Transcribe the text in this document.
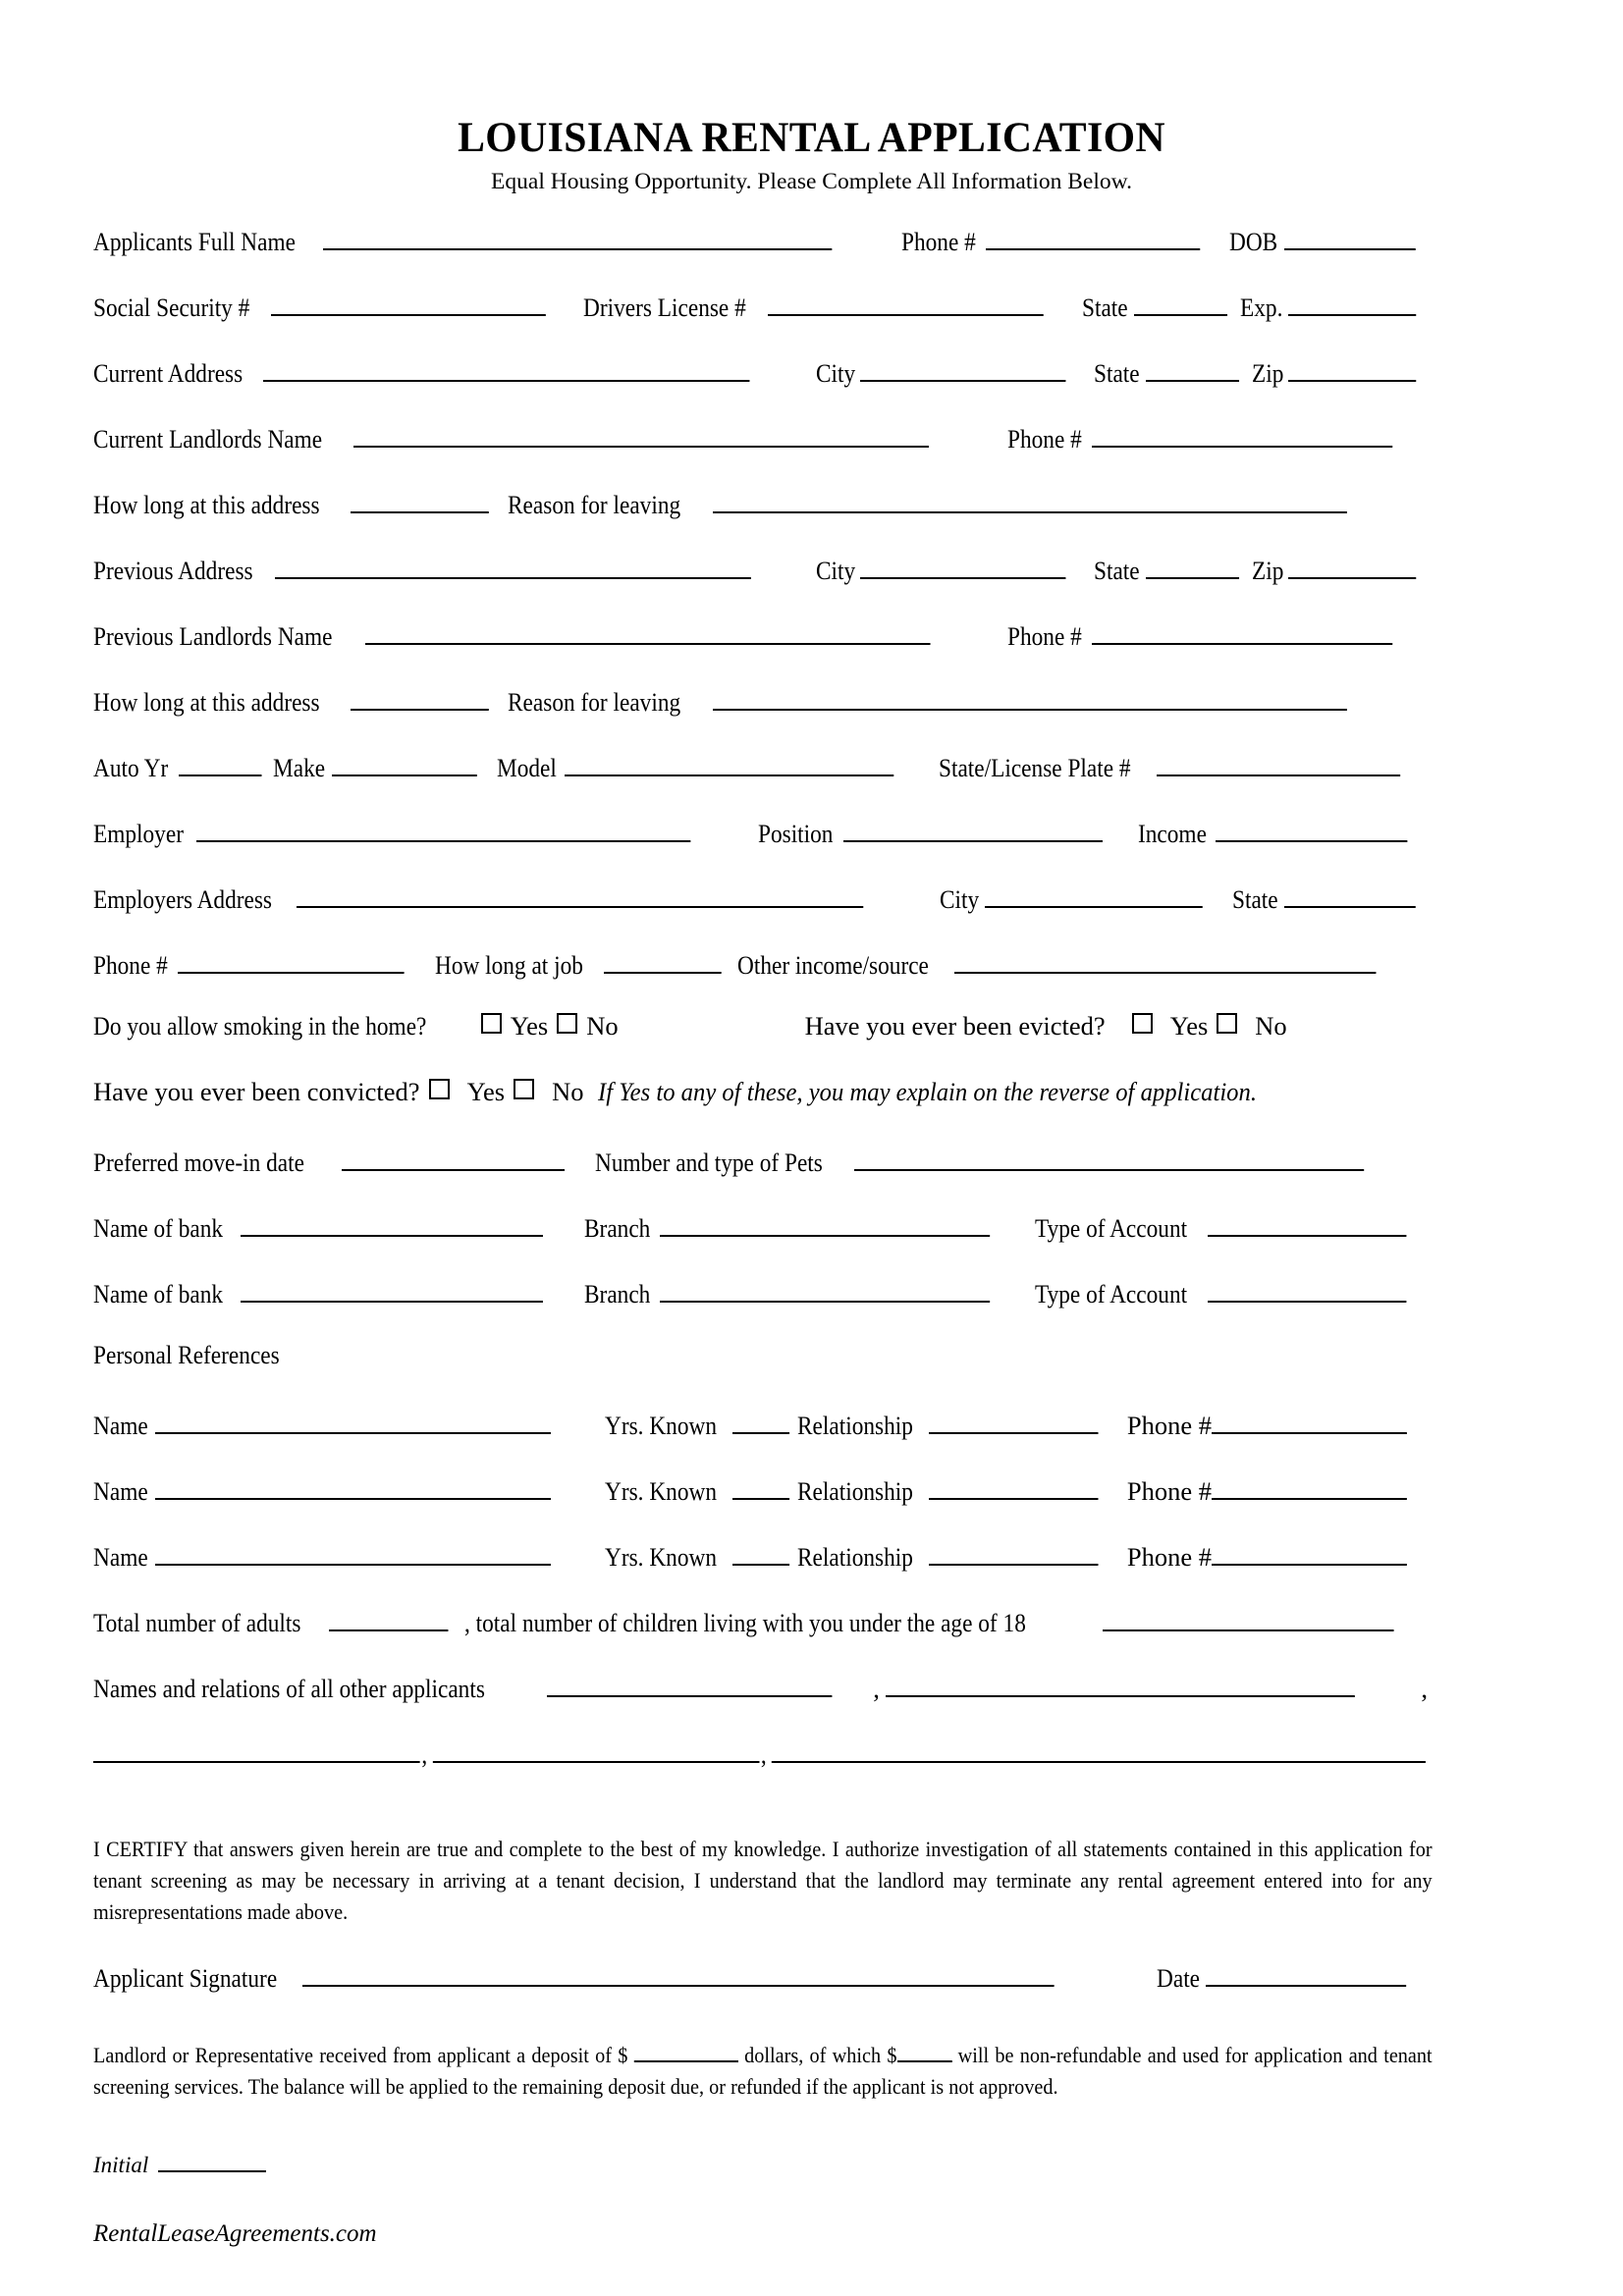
LOUISIANA RENTAL APPLICATION

Equal Housing Opportunity. Please Complete All Information Below.

Applicants Full Name	Phone #	DOB
Social Security #	Drivers License #	State	Exp.
Current Address	City	State	Zip
Current Landlords Name	Phone #
How long at this address	Reason for leaving
Previous Address	City	State	Zip
Previous Landlords Name	Phone #
How long at this address	Reason for leaving
Auto Yr	Make	Model	State/License Plate #
Employer	Position	Income
Employers Address	City	State
Phone #	How long at job	Other income/source
Do you allow smoking in the home?	Yes No	Have you ever been evicted?	Yes	No
Have you ever been convicted?	Yes	No If Yes to any of these, you may explain on the reverse of application.
Preferred move-in date	Number and type of Pets
Name of bank	Branch	Type of Account
Name of bank	Branch	Type of Account
Personal References
Name	Yrs. Known	Relationship	Phone #
Name	Yrs. Known	Relationship	Phone #
Name	Yrs. Known	Relationship	Phone #
Total number of adults	, total number of children living with you under the age of 18
Names and relations of all other applicants	,	,
,	,

I CERTIFY that answers given herein are true and complete to the best of my knowledge. I authorize investigation of all statements contained in this application for tenant screening as may be necessary in arriving at a tenant decision, I understand that the landlord may terminate any rental agreement entered into for any misrepresentations made above.

Applicant Signature	Date

Landlord or Representative received from applicant a deposit of $	dollars, of which $	will be non-refundable and used for application and tenant screening services. The balance will be applied to the remaining deposit due, or refunded if the applicant is not approved.

Initial
RentalLeaseAgreements.com
